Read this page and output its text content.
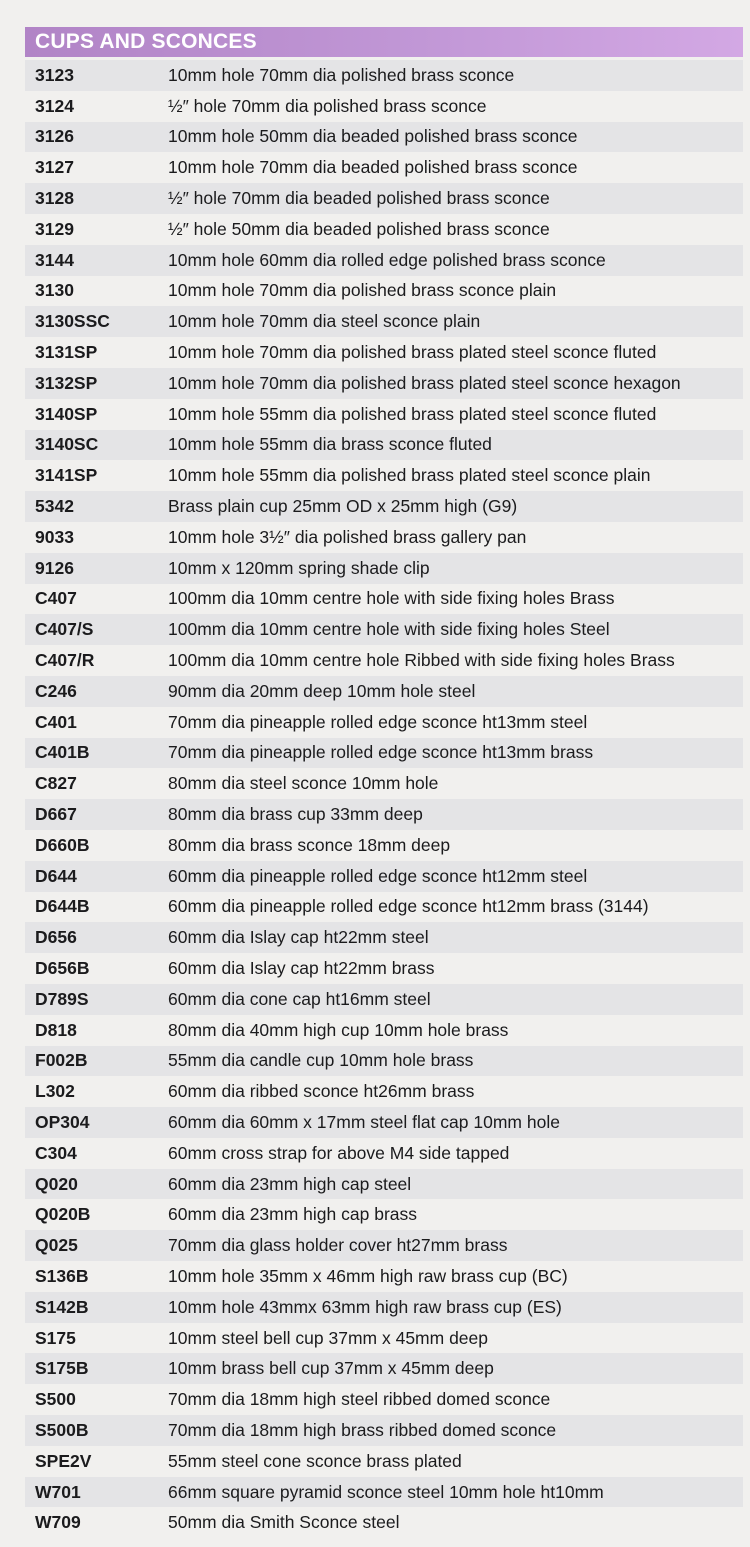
CUPS AND SCONCES
3123	10mm hole 70mm dia polished brass sconce
3124	½″ hole 70mm dia polished brass sconce
3126	10mm hole 50mm dia beaded polished brass sconce
3127	10mm hole 70mm dia beaded polished brass sconce
3128	½″ hole 70mm dia beaded polished brass sconce
3129	½″ hole 50mm dia beaded polished brass sconce
3144	10mm hole 60mm dia rolled edge polished brass sconce
3130	10mm hole 70mm dia polished brass sconce plain
3130SSC	10mm hole 70mm dia steel sconce plain
3131SP	10mm hole 70mm dia polished brass plated steel sconce fluted
3132SP	10mm hole 70mm dia polished brass plated steel sconce hexagon
3140SP	10mm hole 55mm dia polished brass plated steel sconce fluted
3140SC	10mm hole 55mm dia brass sconce fluted
3141SP	10mm hole 55mm dia polished brass plated steel sconce plain
5342	Brass plain cup 25mm OD x 25mm high (G9)
9033	10mm hole 3½″ dia polished brass gallery pan
9126	10mm x 120mm spring shade clip
C407	100mm dia 10mm centre hole with side fixing holes Brass
C407/S	100mm dia 10mm centre hole with side fixing holes Steel
C407/R	100mm dia 10mm centre hole Ribbed with side fixing holes Brass
C246	90mm dia 20mm deep 10mm hole steel
C401	70mm dia pineapple rolled edge sconce ht13mm steel
C401B	70mm dia pineapple rolled edge sconce ht13mm brass
C827	80mm dia steel sconce 10mm hole
D667	80mm dia brass cup 33mm deep
D660B	80mm dia brass sconce 18mm deep
D644	60mm dia pineapple rolled edge sconce ht12mm steel
D644B	60mm dia pineapple rolled edge sconce ht12mm brass (3144)
D656	60mm dia Islay cap ht22mm steel
D656B	60mm dia Islay cap ht22mm brass
D789S	60mm dia cone cap ht16mm steel
D818	80mm dia 40mm high cup 10mm hole brass
F002B	55mm dia candle cup 10mm hole brass
L302	60mm dia ribbed sconce ht26mm brass
OP304	60mm dia 60mm x 17mm steel flat cap 10mm hole
C304	60mm cross strap for above M4 side tapped
Q020	60mm dia 23mm high cap steel
Q020B	60mm dia 23mm high cap brass
Q025	70mm dia glass holder cover ht27mm brass
S136B	10mm hole 35mm x 46mm high raw brass cup (BC)
S142B	10mm hole 43mmx 63mm high raw brass cup (ES)
S175	10mm steel bell cup 37mm x 45mm deep
S175B	10mm brass bell cup 37mm x 45mm deep
S500	70mm dia 18mm high steel ribbed domed sconce
S500B	70mm dia 18mm high brass ribbed domed sconce
SPE2V	55mm steel cone sconce brass plated
W701	66mm square pyramid sconce steel 10mm hole ht10mm
W709	50mm dia Smith Sconce steel
